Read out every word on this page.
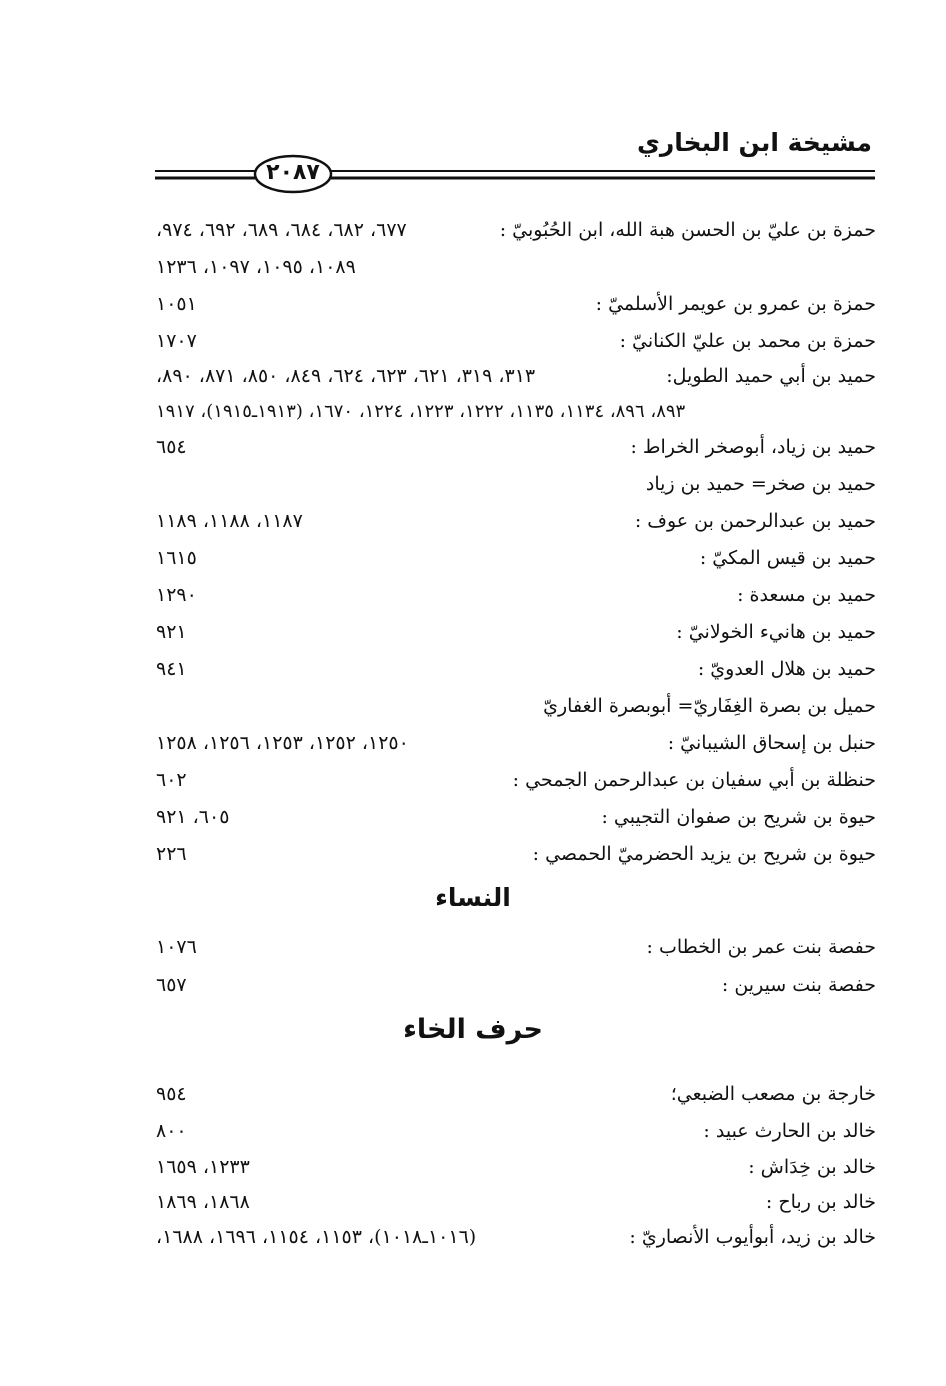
مشيخة ابن البخاري
٢٠٨٧
حمزة بن عليّ بن الحسن هبة الله، ابن الحُبُوبيّ :
٦٧٧، ٦٨٢، ٦٨٤، ٦٨٩، ٦٩٢، ٩٧٤،
١٠٨٩، ١٠٩٥، ١٠٩٧، ١٢٣٦
حمزة بن عمرو بن عويمر الأسلميّ :
١٠٥١
حمزة بن محمد بن عليّ الكنانيّ :
١٧٠٧
حميد بن أبي حميد الطويل:
٣١٣، ٣١٩، ٦٢١، ٦٢٣، ٦٢٤، ٨٤٩، ٨٥٠، ٨٧١، ٨٩٠،
٨٩٣، ٨٩٦، ١١٣٤، ١١٣٥، ١٢٢٢، ١٢٢٣، ١٢٢٤، ١٦٧٠، (١٩١٣ـ١٩١٥)، ١٩١٧
حميد بن زياد، أبوصخر الخراط :
٦٥٤
حميد بن صخر= حميد بن زياد
حميد بن عبدالرحمن بن عوف :
١١٨٧، ١١٨٨، ١١٨٩
حميد بن قيس المكيّ :
١٦١٥
حميد بن مسعدة :
١٢٩٠
حميد بن هانيء الخولانيّ :
٩٢١
حميد بن هلال العدويّ :
٩٤١
حميل بن بصرة الغِفَاريّ= أبوبصرة الغفاريّ
حنبل بن إسحاق الشيبانيّ :
١٢٥٠، ١٢٥٢، ١٢٥٣، ١٢٥٦، ١٢٥٨
حنظلة بن أبي سفيان بن عبدالرحمن الجمحي :
٦٠٢
حيوة بن شريح بن صفوان التجيبي :
٦٠٥، ٩٢١
حيوة بن شريح بن يزيد الحضرميّ الحمصي :
٢٢٦
النساء
حفصة بنت عمر بن الخطاب :
١٠٧٦
حفصة بنت سيرين :
٦٥٧
حرف الخاء
خارجة بن مصعب الضبعي؛
٩٥٤
خالد بن الحارث عبيد :
٨٠٠
خالد بن خِدَاش :
١٢٣٣، ١٦٥٩
خالد بن رباح :
١٨٦٨، ١٨٦٩
خالد بن زيد، أبوأيوب الأنصاريّ :
(١٠١٦ـ١٠١٨)، ١١٥٣، ١١٥٤، ١٦٩٦، ١٦٨٨،
